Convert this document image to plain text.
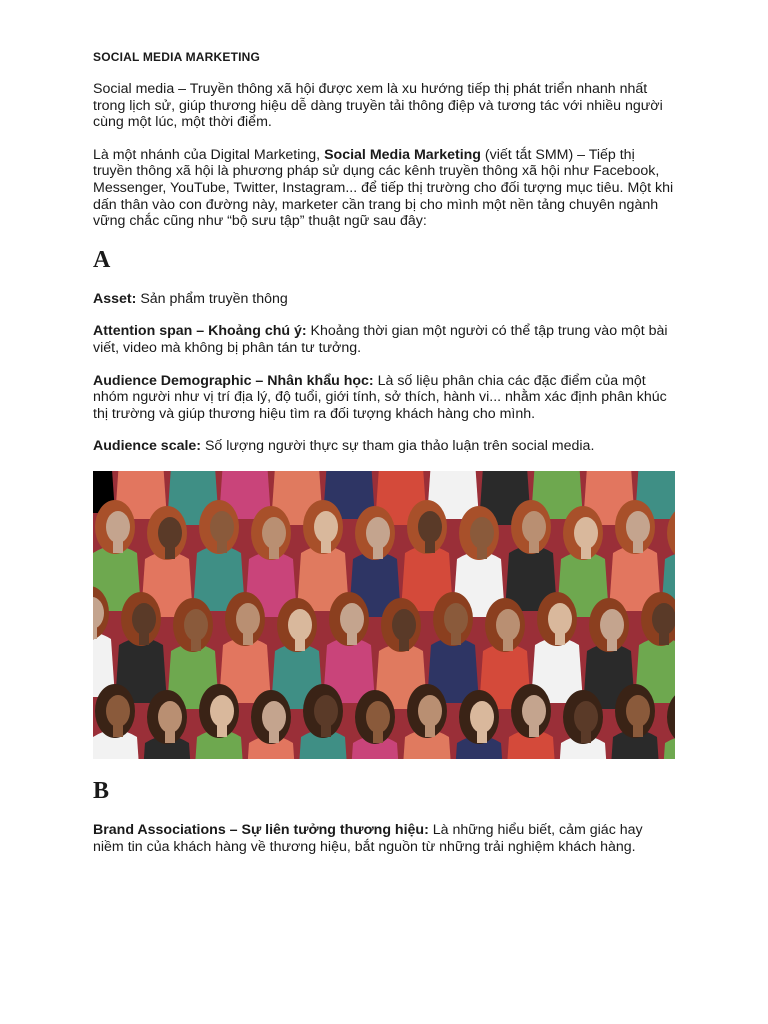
SOCIAL MEDIA MARKETING

Social media – Truyền thông xã hội được xem là xu hướng tiếp thị phát triển nhanh nhất trong lịch sử, giúp thương hiệu dễ dàng truyền tải thông điệp và tương tác với nhiều người cùng một lúc, một thời điểm.

Là một nhánh của Digital Marketing, Social Media Marketing (viết tắt SMM) – Tiếp thị truyền thông xã hội là phương pháp sử dụng các kênh truyền thông xã hội như Facebook, Messenger, YouTube, Twitter, Instagram... để tiếp thị trường cho đối tượng mục tiêu. Một khi dấn thân vào con đường này, marketer cần trang bị cho mình một nền tảng chuyên ngành vững chắc cũng như “bộ sưu tập” thuật ngữ sau đây:

A

Asset: Sản phẩm truyền thông

Attention span – Khoảng chú ý: Khoảng thời gian một người có thể tập trung vào một bài viết, video mà không bị phân tán tư tưởng.

Audience Demographic – Nhân khẩu học: Là số liệu phân chia các đặc điểm của một nhóm người như vị trí địa lý, độ tuổi, giới tính, sở thích, hành vi... nhằm xác định phân khúc thị trường và giúp thương hiệu tìm ra đối tượng khách hàng cho mình.

Audience scale: Số lượng người thực sự tham gia thảo luận trên social media.

B

Brand Associations – Sự liên tưởng thương hiệu: Là những hiểu biết, cảm giác hay niềm tin của khách hàng về thương hiệu, bắt nguồn từ những trải nghiệm khách hàng.
